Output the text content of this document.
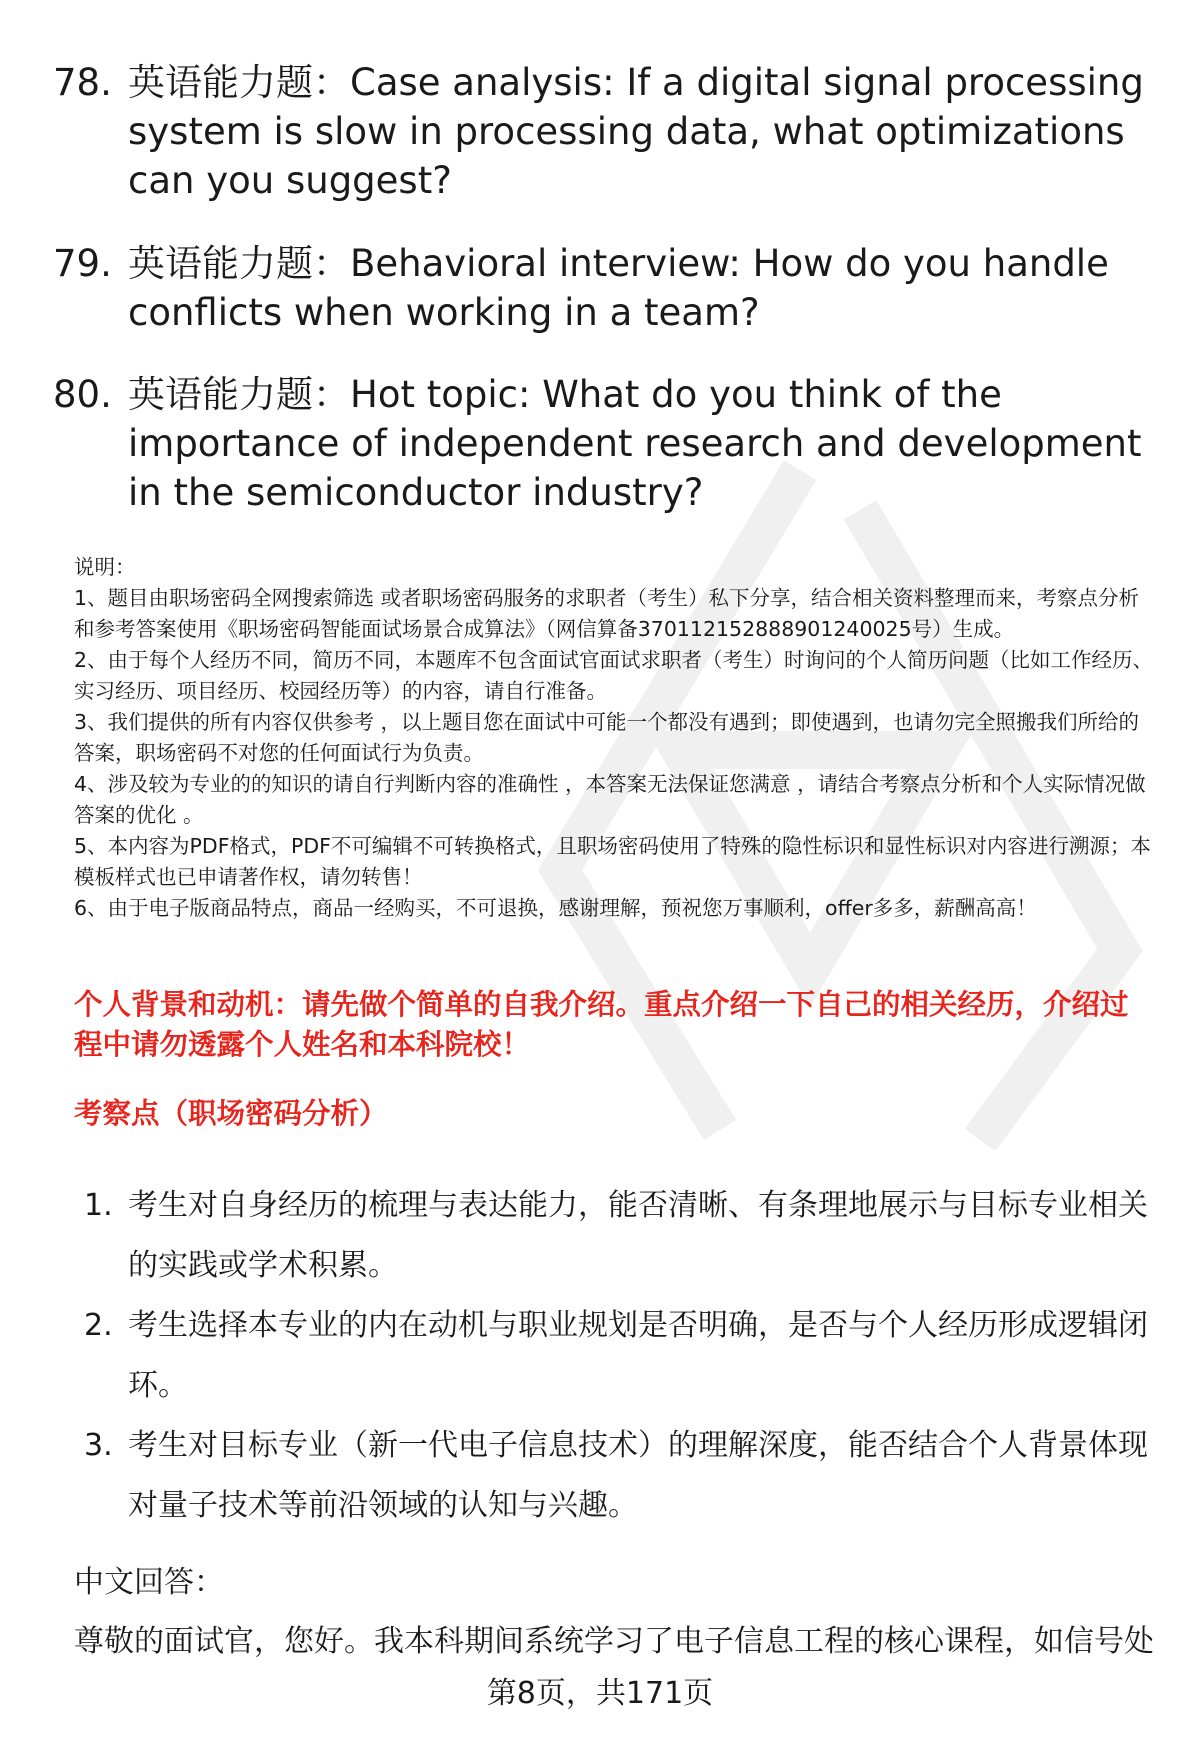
78. 英语能力题：Case analysis: If a digital signal processing system is slow in processing data, what optimizations can you suggest?
79. 英语能力题：Behavioral interview: How do you handle conflicts when working in a team?
80. 英语能力题：Hot topic: What do you think of the importance of independent research and development in the semiconductor industry?

说明：

1、题目由职场密码全网搜索筛选 或者职场密码服务的求职者（考生）私下分享，结合相关资料整理而来，考察点分析和参考答案使用《职场密码智能面试场景合成算法》（网信算备370112152888901240025号）生成。

2、由于每个人经历不同，简历不同，本题库不包含面试官面试求职者（考生）时询问的个人简历问题（比如工作经历、实习经历、项目经历、校园经历等）的内容，请自行准备。

3、我们提供的所有内容仅供参考 ，以上题目您在面试中可能一个都没有遇到；即使遇到，也请勿完全照搬我们所给的答案，职场密码不对您的任何面试行为负责。

4、涉及较为专业的的知识的请自行判断内容的准确性 ，本答案无法保证您满意 ，请结合考察点分析和个人实际情况做答案的优化 。

5、本内容为PDF格式，PDF不可编辑不可转换格式，且职场密码使用了特殊的隐性标识和显性标识对内容进行溯源；本模板样式也已申请著作权，请勿转售！

6、由于电子版商品特点，商品一经购买，不可退换，感谢理解，预祝您万事顺利，offer多多，薪酬高高！

个人背景和动机：请先做个简单的自我介绍。重点介绍一下自己的相关经历，介绍过程中请勿透露个人姓名和本科院校！
考察点（职场密码分析）
1. 考生对自身经历的梳理与表达能力，能否清晰、有条理地展示与目标专业相关的实践或学术积累。
2. 考生选择本专业的内在动机与职业规划是否明确，是否与个人经历形成逻辑闭环。
3. 考生对目标专业（新一代电子信息技术）的理解深度，能否结合个人背景体现对量子技术等前沿领域的认知与兴趣。
中文回答：
尊敬的面试官，您好。我本科期间系统学习了电子信息工程的核心课程，如信号处
第8页，共171页
